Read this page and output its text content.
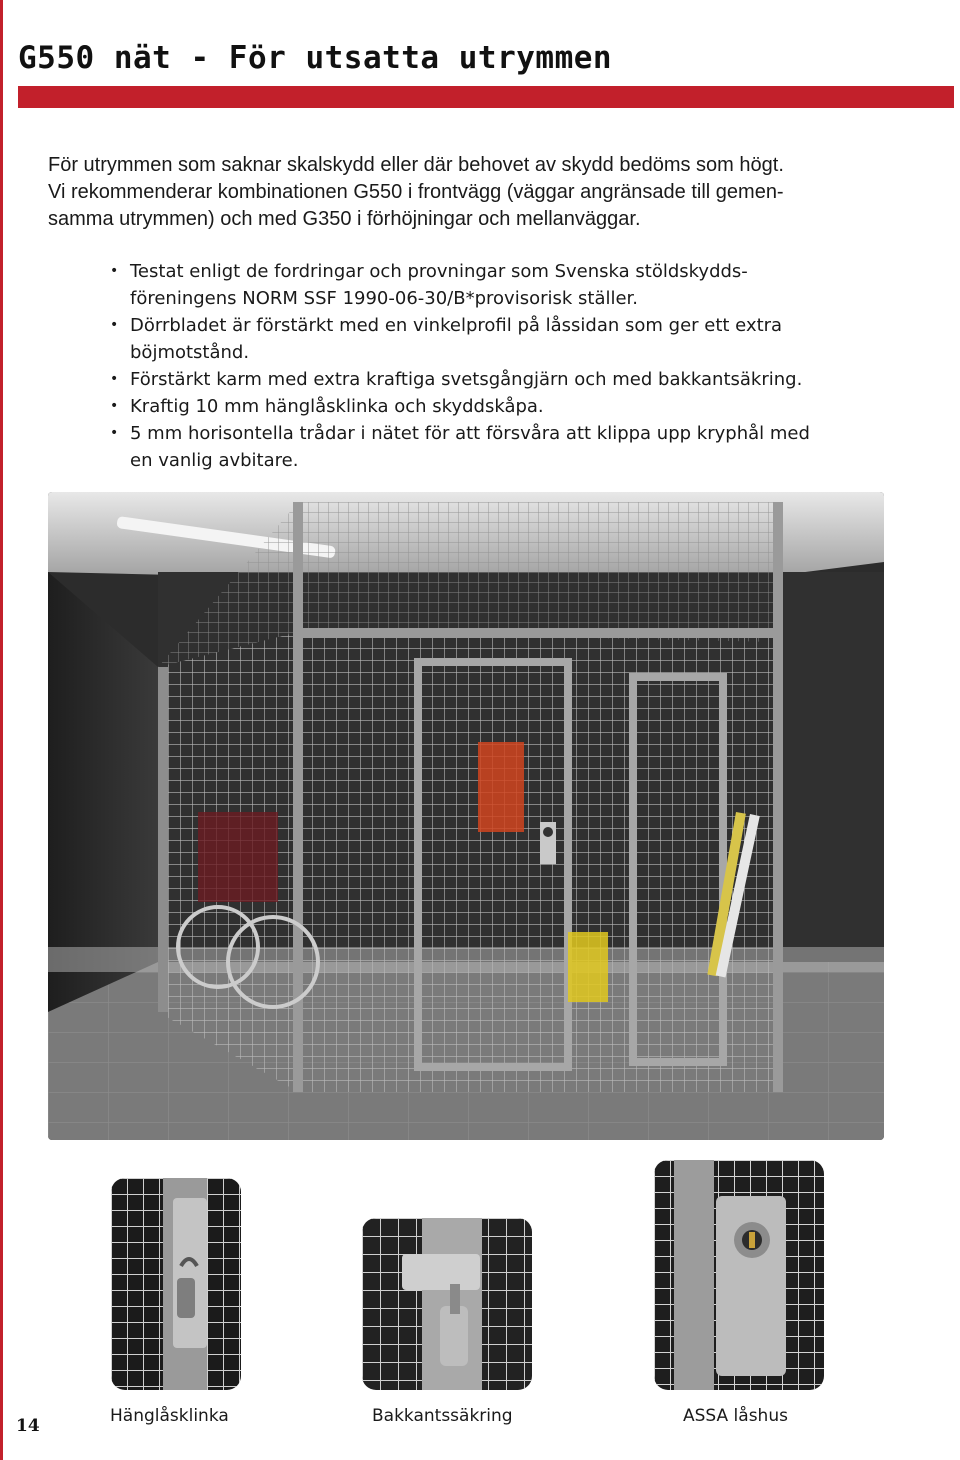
G550 nät - För utsatta utrymmen
För utrymmen som saknar skalskydd eller där behovet av skydd bedöms som högt.
Vi rekommenderar kombinationen G550 i frontvägg (väggar angränsade till gemen-
samma utrymmen) och med G350 i förhöjningar och mellanväggar.
• Testat enligt de fordringar och provningar som Svenska stöldskydds-
föreningens NORM SSF 1990-06-30/B*provisorisk ställer.
• Dörrbladet är förstärkt med en vinkelprofil på låssidan som ger ett extra
böjmotstånd.
• Förstärkt karm med extra kraftiga svetsgångjärn och med bakkantsäkring.
• Kraftig 10 mm hänglåsklinka och skyddskåpa.
• 5 mm horisontella trådar i nätet för att försvåra att klippa upp kryphål med
en vanlig avbitare.
Hänglåsklinka	Bakkantssäkring	ASSA låshus
14
